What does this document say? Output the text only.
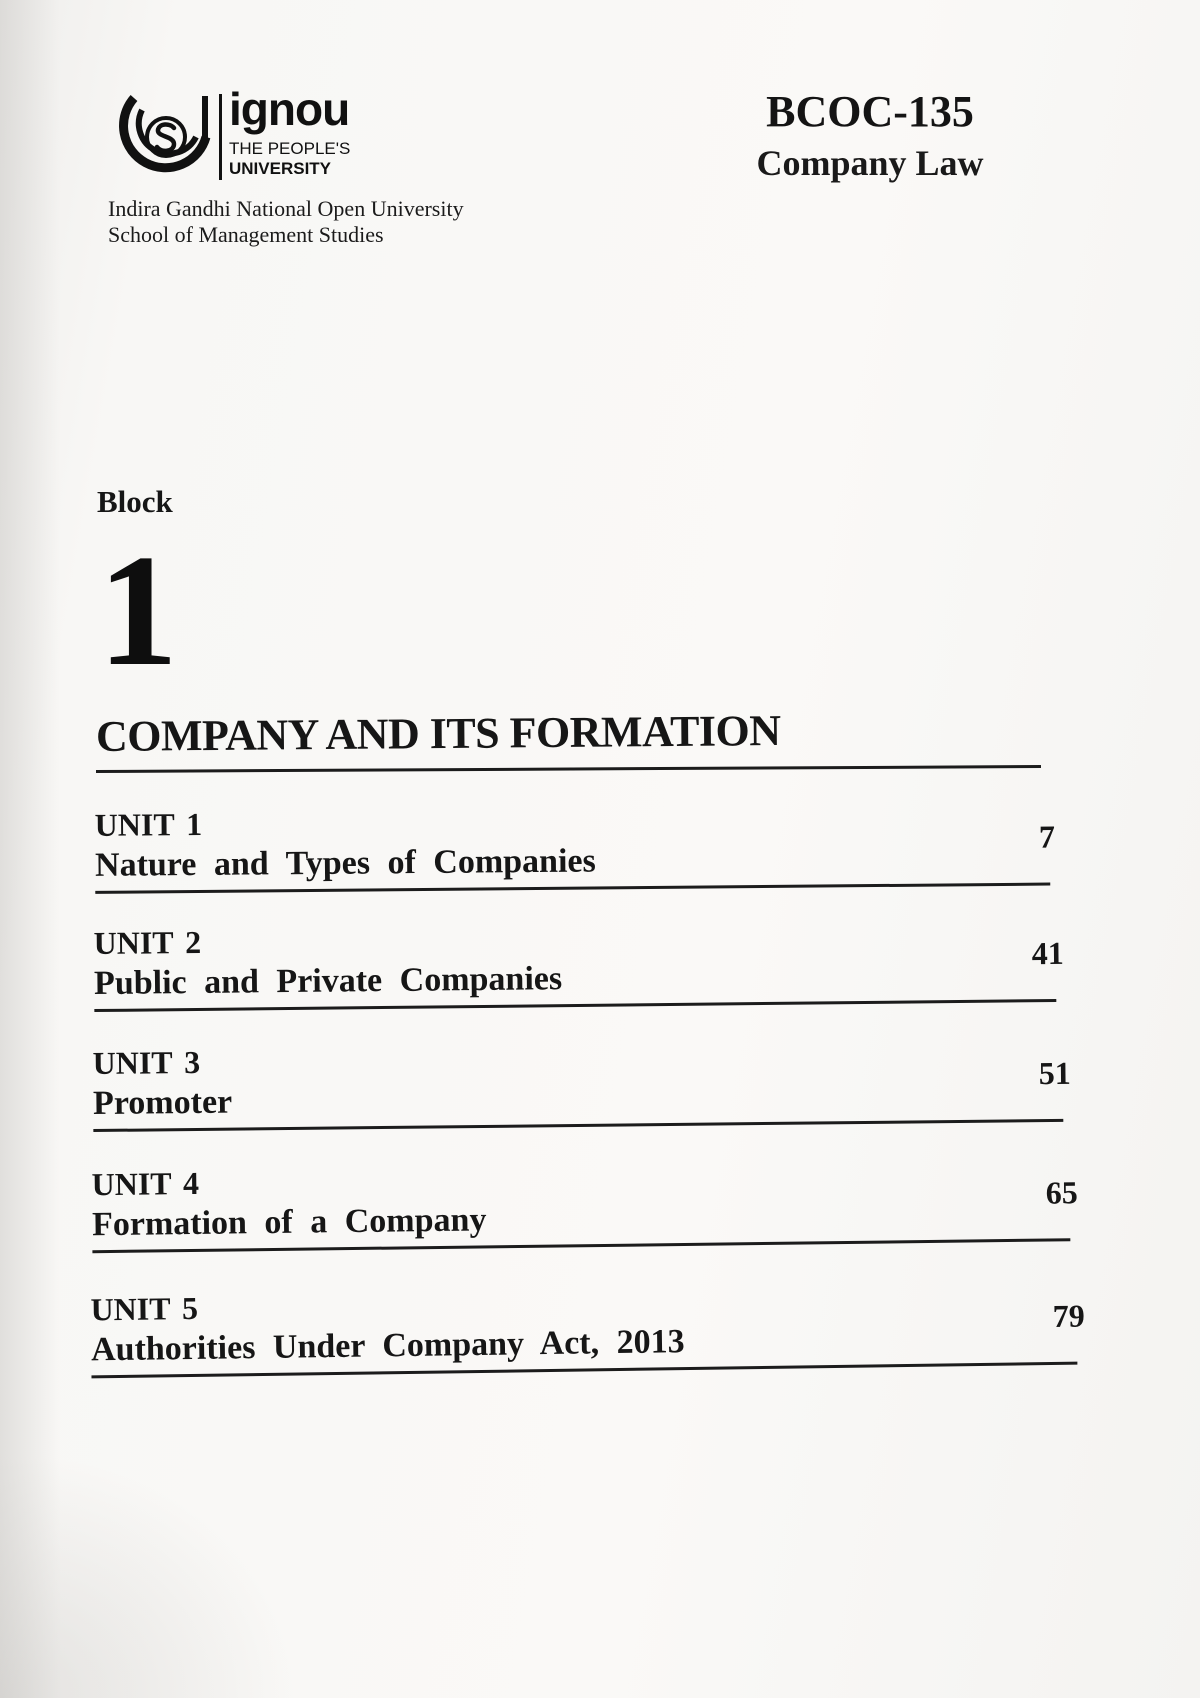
ignou
THE PEOPLE'S
UNIVERSITY
Indira Gandhi National Open University
School of Management Studies
BCOC-135
Company Law
Block
1
COMPANY AND ITS FORMATION
UNIT 1
Nature and Types of Companies
7
UNIT 2
Public and Private Companies
41
UNIT 3
Promoter
51
UNIT 4
Formation of a Company
65
UNIT 5
Authorities Under Company Act, 2013
79
